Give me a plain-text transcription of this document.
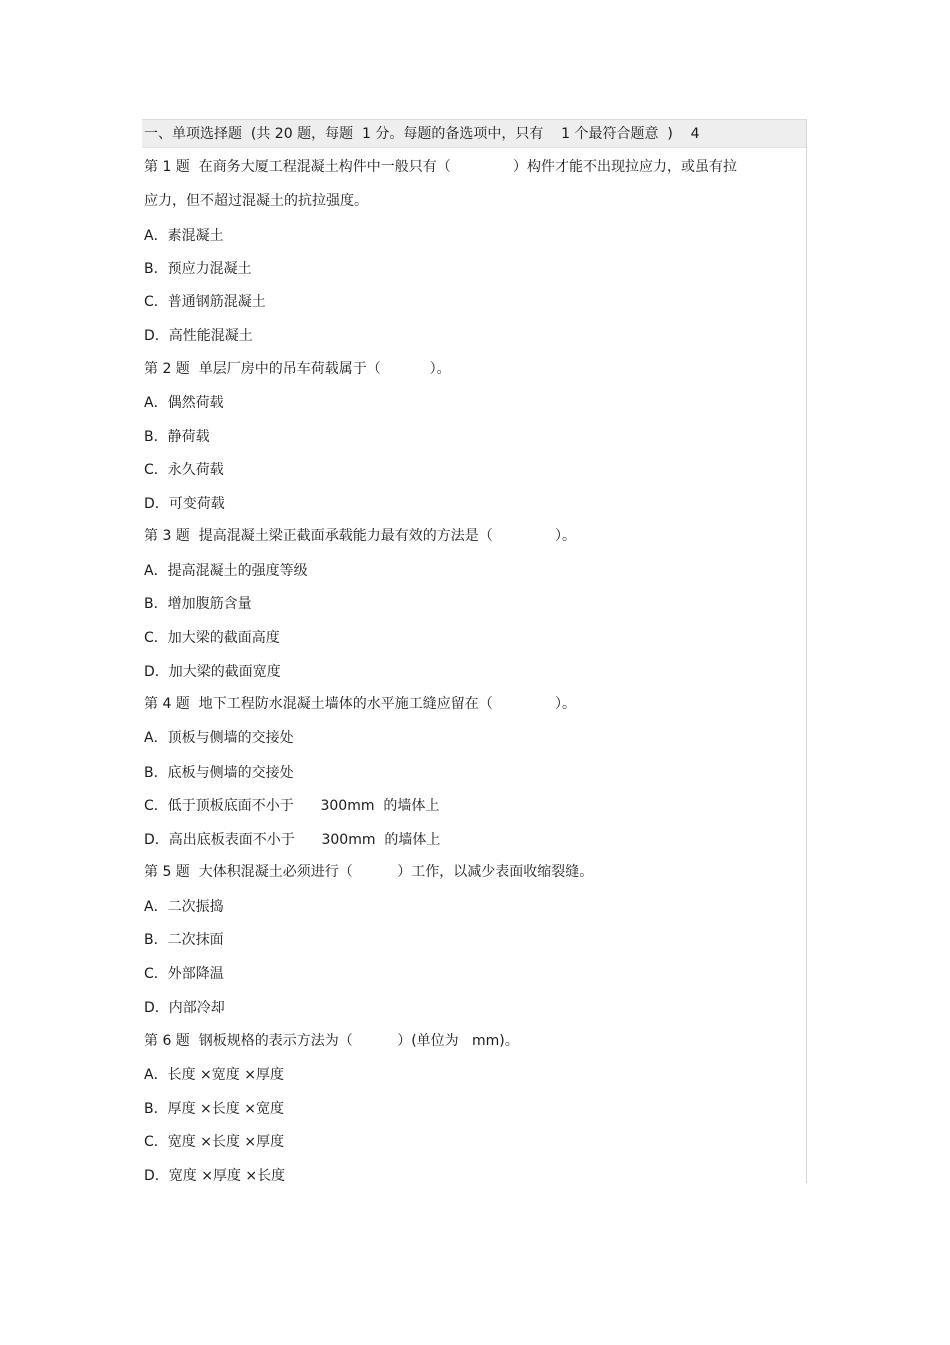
一、单项选择题  (共 20 题，每题  1 分。每题的备选项中，只有    1 个最符合题意  )    4
第 1 题  在商务大厦工程混凝土构件中一般只有（              ）构件才能不出现拉应力，或虽有拉
应力，但不超过混凝土的抗拉强度。
A．素混凝土
B．预应力混凝土
C．普通钢筋混凝土
D．高性能混凝土
第 2 题  单层厂房中的吊车荷载属于（           ）。
A．偶然荷载
B．静荷载
C．永久荷载
D．可变荷载
第 3 题  提高混凝土梁正截面承载能力最有效的方法是（              ）。
A．提高混凝土的强度等级
B．增加腹筋含量
C．加大梁的截面高度
D．加大梁的截面宽度
第 4 题  地下工程防水混凝土墙体的水平施工缝应留在（              ）。
A．顶板与侧墙的交接处
B．底板与侧墙的交接处
C．低于顶板底面不小于      300mm  的墙体上
D．高出底板表面不小于      300mm  的墙体上
第 5 题  大体积混凝土必须进行（          ）工作，以减少表面收缩裂缝。
A．二次振捣
B．二次抹面
C．外部降温
D．内部冷却
第 6 题  钢板规格的表示方法为（          ）(单位为   mm)。
A．长度 ×宽度 ×厚度
B．厚度 ×长度 ×宽度
C．宽度 ×长度 ×厚度
D．宽度 ×厚度 ×长度
